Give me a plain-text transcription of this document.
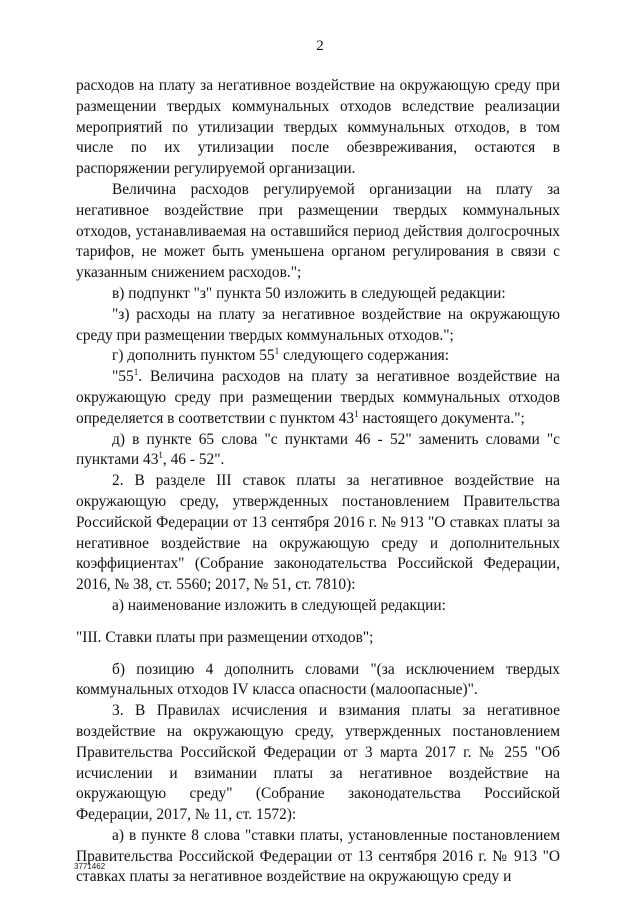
2

расходов на плату за негативное воздействие на окружающую среду при размещении твердых коммунальных отходов вследствие реализации мероприятий по утилизации твердых коммунальных отходов, в том числе по их утилизации после обезвреживания, остаются в распоряжении регулируемой организации.

Величина расходов регулируемой организации на плату за негативное воздействие при размещении твердых коммунальных отходов, устанавливаемая на оставшийся период действия долгосрочных тарифов, не может быть уменьшена органом регулирования в связи с указанным снижением расходов.";

в) подпункт "з" пункта 50 изложить в следующей редакции:

"з) расходы на плату за негативное воздействие на окружающую среду при размещении твердых коммунальных отходов.";

г) дополнить пунктом $55^1$ следующего содержания:

"$55^1$. Величина расходов на плату за негативное воздействие на окружающую среду при размещении твердых коммунальных отходов определяется в соответствии с пунктом $43^1$ настоящего документа.";

д) в пункте 65 слова "с пунктами 46 - 52" заменить словами "с пунктами $43^1$, 46 - 52".

2. В разделе III ставок платы за негативное воздействие на окружающую среду, утвержденных постановлением Правительства Российской Федерации от 13 сентября 2016 г. № 913 "О ставках платы за негативное воздействие на окружающую среду и дополнительных коэффициентах" (Собрание законодательства Российской Федерации, 2016, № 38, ст. 5560; 2017, № 51, ст. 7810):

а) наименование изложить в следующей редакции:

"III. Ставки платы при размещении отходов";

б) позицию 4 дополнить словами "(за исключением твердых коммунальных отходов IV класса опасности (малоопасные)".

3. В Правилах исчисления и взимания платы за негативное воздействие на окружающую среду, утвержденных постановлением Правительства Российской Федерации от 3 марта 2017 г. № 255 "Об исчислении и взимании платы за негативное воздействие на окружающую среду" (Собрание законодательства Российской Федерации, 2017, № 11, ст. 1572):

а) в пункте 8 слова "ставки платы, установленные постановлением Правительства Российской Федерации от 13 сентября 2016 г. № 913 "О ставках платы за негативное воздействие на окружающую среду и

3771462
